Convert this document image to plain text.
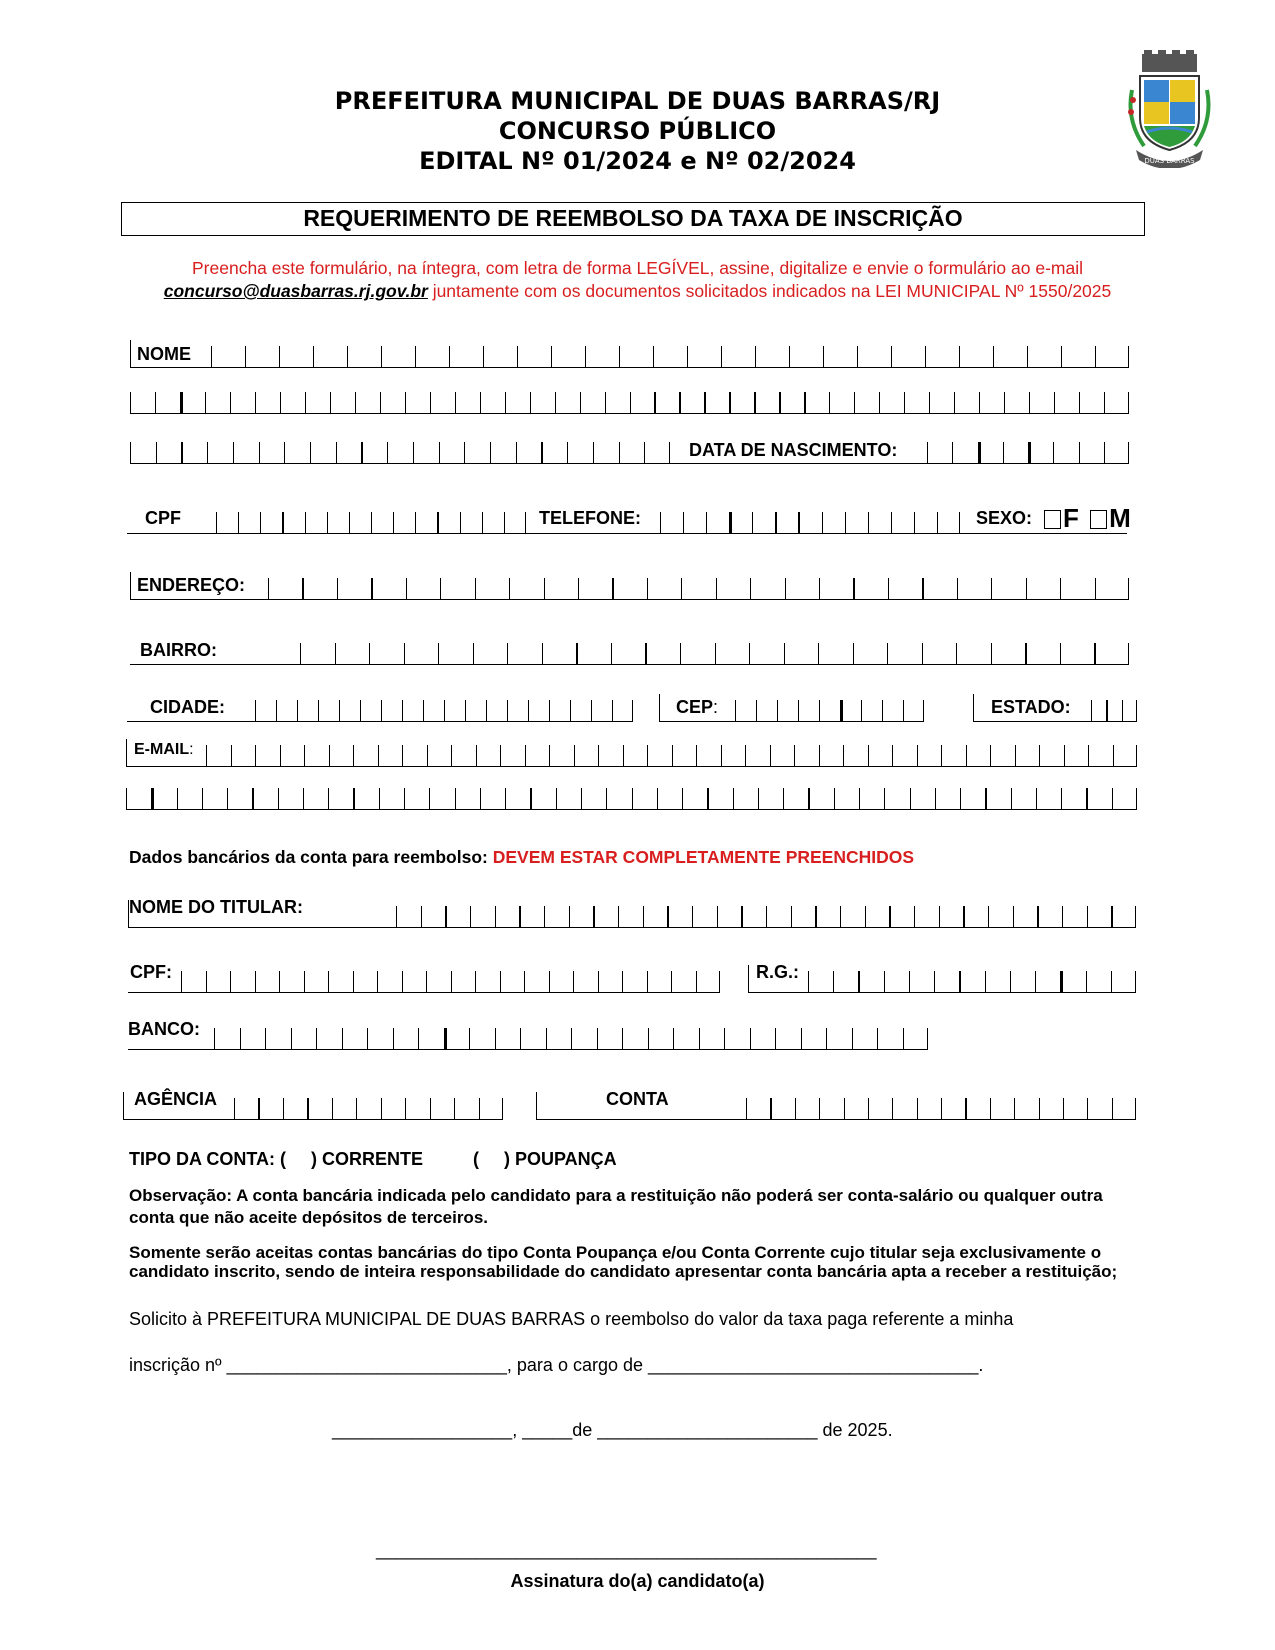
PREFEITURA MUNICIPAL DE DUAS BARRAS/RJ
CONCURSO PÚBLICO
EDITAL Nº 01/2024 e Nº 02/2024	DUAS BARRAS
REQUERIMENTO DE REEMBOLSO DA TAXA DE INSCRIÇÃO
Preencha este formulário, na íntegra, com letra de forma LEGÍVEL, assine, digitalize e envie o formulário ao e-mail
concurso@duasbarras.rj.gov.br juntamente com os documentos solicitados indicados na LEI MUNICIPAL Nº 1550/2025
NOME
DATA DE NASCIMENTO:
CPF	TELEFONE:	SEXO:	F M
ENDEREÇO:
BAIRRO:
CIDADE:	CEP:	ESTADO:
E-MAIL:
Dados bancários da conta para reembolso: DEVEM ESTAR COMPLETAMENTE PREENCHIDOS
NOME DO TITULAR:
CPF:	R.G.:
BANCO:
AGÊNCIA	CONTA
TIPO DA CONTA: (     ) CORRENTE          (     ) POUPANÇA
Observação: A conta bancária indicada pelo candidato para a restituição não poderá ser conta-salário ou qualquer outra conta que não aceite depósitos de terceiros.
Somente serão aceitas contas bancárias do tipo Conta Poupança e/ou Conta Corrente cujo titular seja exclusivamente o candidato inscrito, sendo de inteira responsabilidade do candidato apresentar conta bancária apta a receber a restituição;
Solicito à PREFEITURA MUNICIPAL DE DUAS BARRAS o reembolso do valor da taxa paga referente a minha
inscrição nº ____________________________, para o cargo de _________________________________.
__________________, _____de ______________________ de 2025.
__________________________________________________
Assinatura do(a) candidato(a)
